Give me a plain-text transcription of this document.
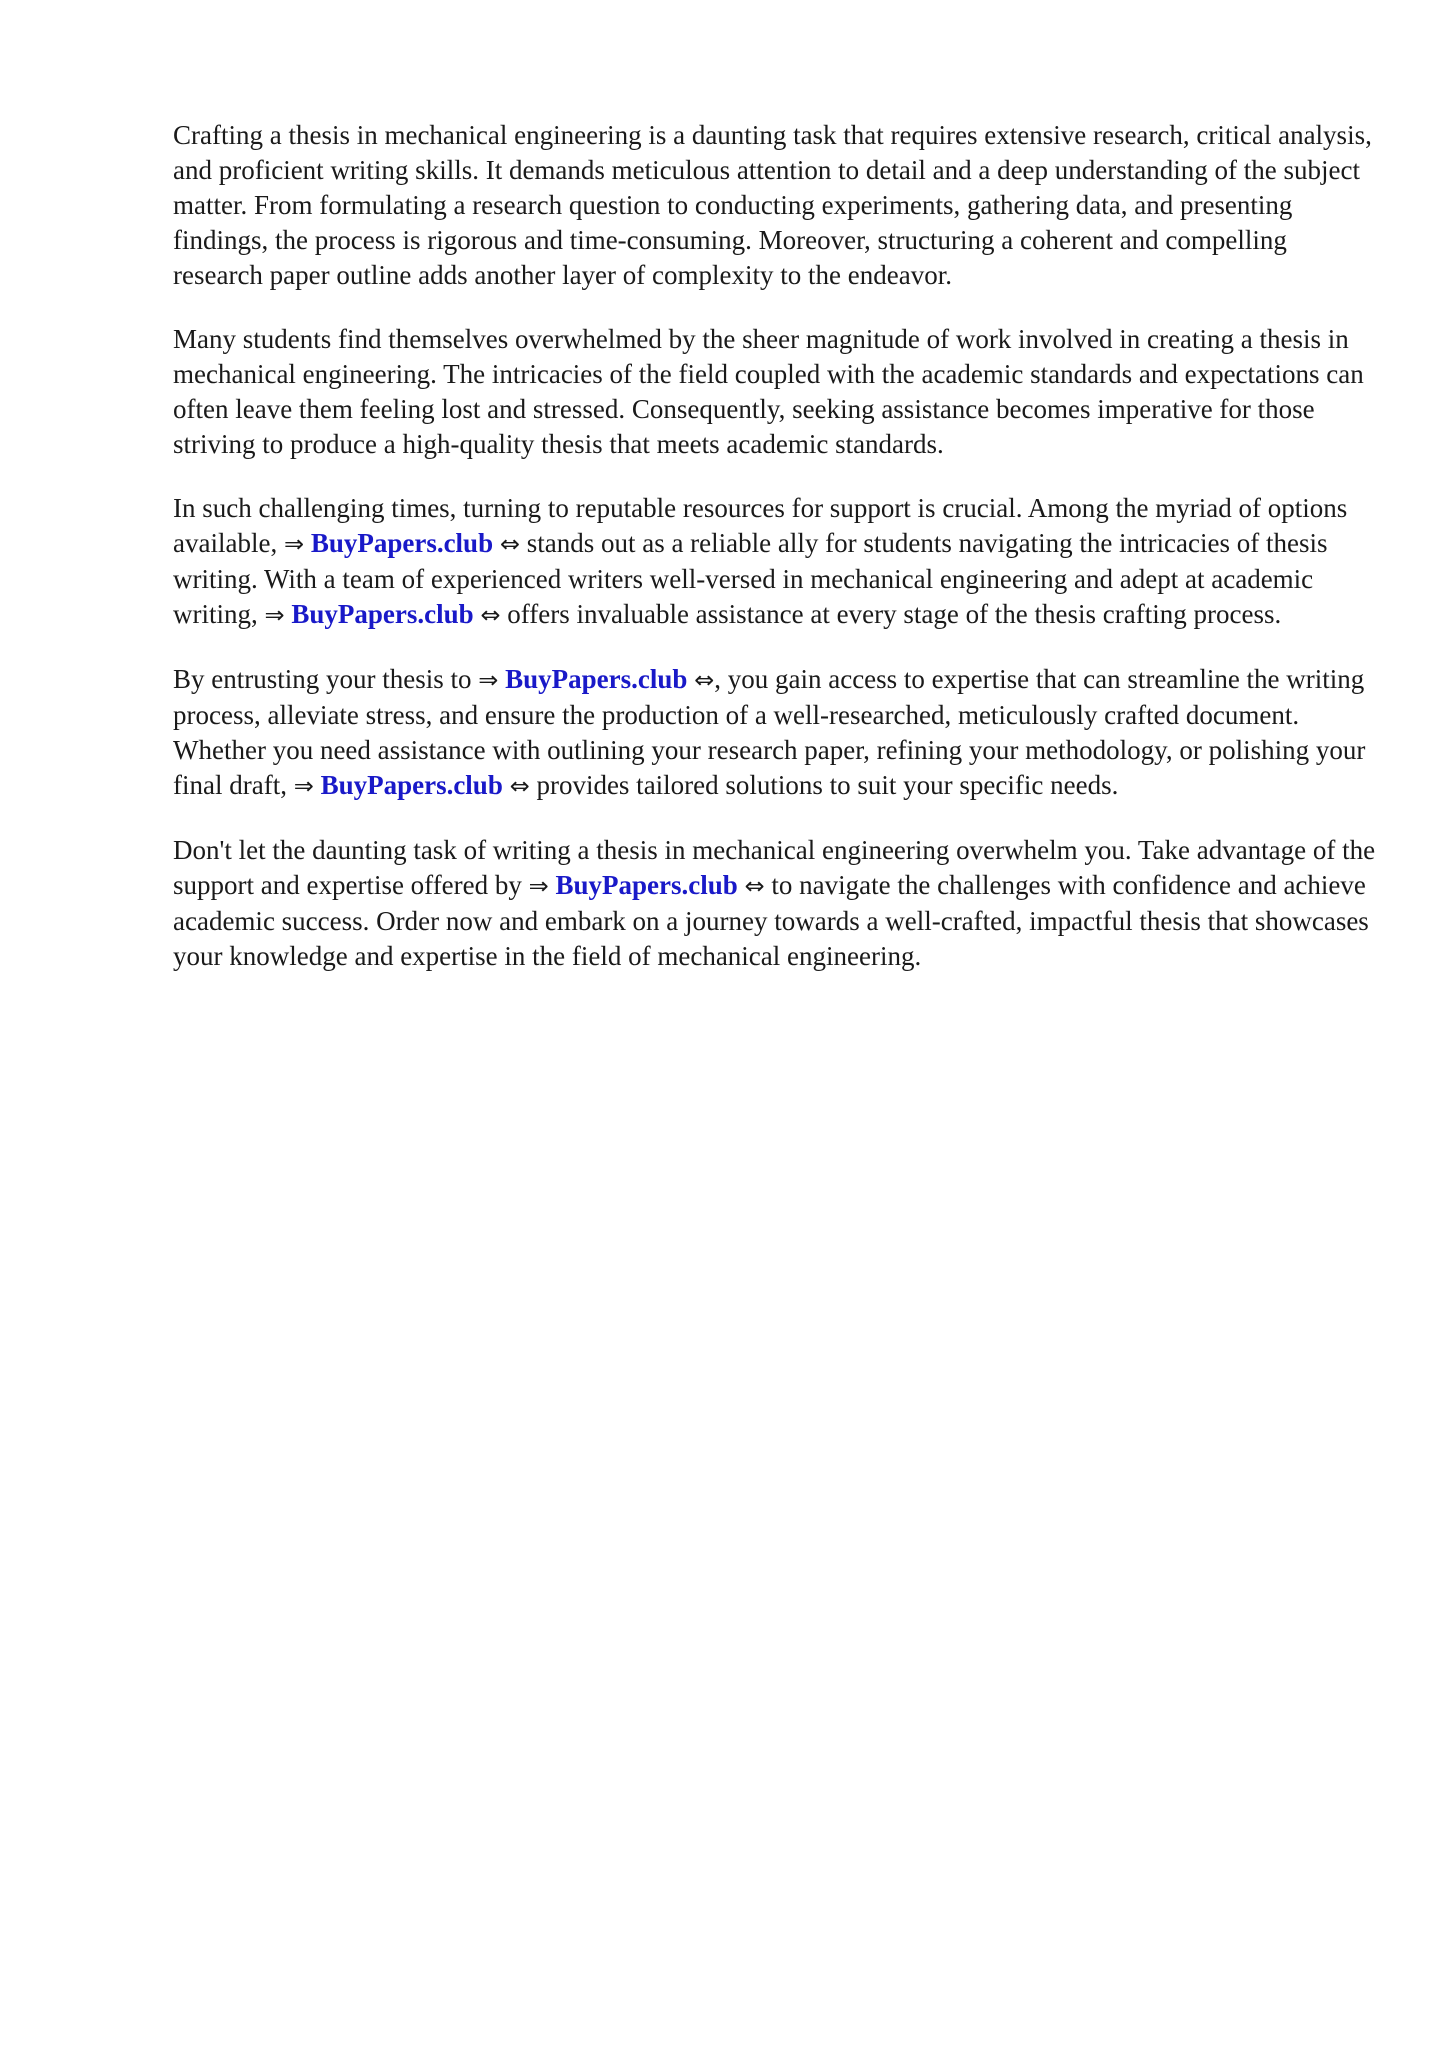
Crafting a thesis in mechanical engineering is a daunting task that requires extensive research, critical analysis, and proficient writing skills. It demands meticulous attention to detail and a deep understanding of the subject matter. From formulating a research question to conducting experiments, gathering data, and presenting findings, the process is rigorous and time-consuming. Moreover, structuring a coherent and compelling research paper outline adds another layer of complexity to the endeavor.

Many students find themselves overwhelmed by the sheer magnitude of work involved in creating a thesis in mechanical engineering. The intricacies of the field coupled with the academic standards and expectations can often leave them feeling lost and stressed. Consequently, seeking assistance becomes imperative for those striving to produce a high-quality thesis that meets academic standards.

In such challenging times, turning to reputable resources for support is crucial. Among the myriad of options available, ⇒ BuyPapers.club ⇔ stands out as a reliable ally for students navigating the intricacies of thesis writing. With a team of experienced writers well-versed in mechanical engineering and adept at academic writing, ⇒ BuyPapers.club ⇔ offers invaluable assistance at every stage of the thesis crafting process.

By entrusting your thesis to ⇒ BuyPapers.club ⇔, you gain access to expertise that can streamline the writing process, alleviate stress, and ensure the production of a well-researched, meticulously crafted document. Whether you need assistance with outlining your research paper, refining your methodology, or polishing your final draft, ⇒ BuyPapers.club ⇔ provides tailored solutions to suit your specific needs.

Don't let the daunting task of writing a thesis in mechanical engineering overwhelm you. Take advantage of the support and expertise offered by ⇒ BuyPapers.club ⇔ to navigate the challenges with confidence and achieve academic success. Order now and embark on a journey towards a well-crafted, impactful thesis that showcases your knowledge and expertise in the field of mechanical engineering.
